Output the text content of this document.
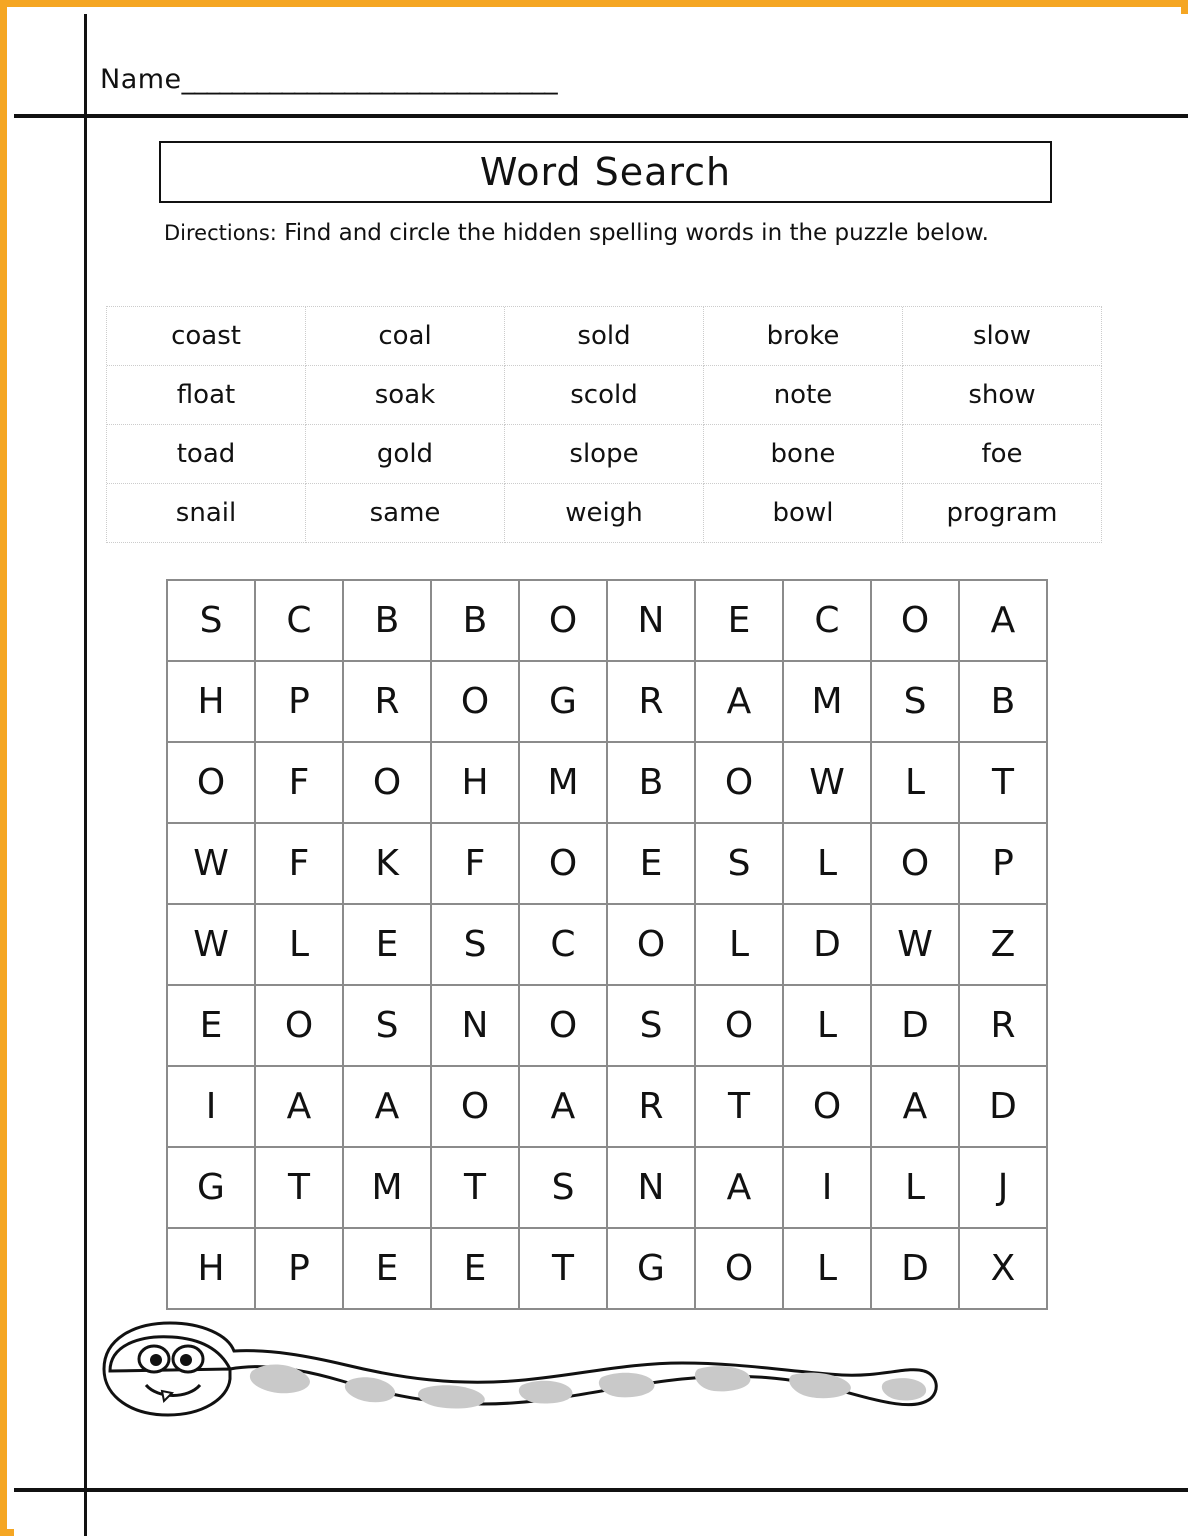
Name______________________________
Word Search
Directions: Find and circle the hidden spelling words in the puzzle below.
coast	coal	sold	broke	slow
float	soak	scold	note	show
toad	gold	slope	bone	foe
snail	same	weigh	bowl	program
S	C	B	B	O	N	E	C	O	A
H	P	R	O	G	R	A	M	S	B
O	F	O	H	M	B	O	W	L	T
W	F	K	F	O	E	S	L	O	P
W	L	E	S	C	O	L	D	W	Z
E	O	S	N	O	S	O	L	D	R
I	A	A	O	A	R	T	O	A	D
G	T	M	T	S	N	A	I	L	J
H	P	E	E	T	G	O	L	D	X
